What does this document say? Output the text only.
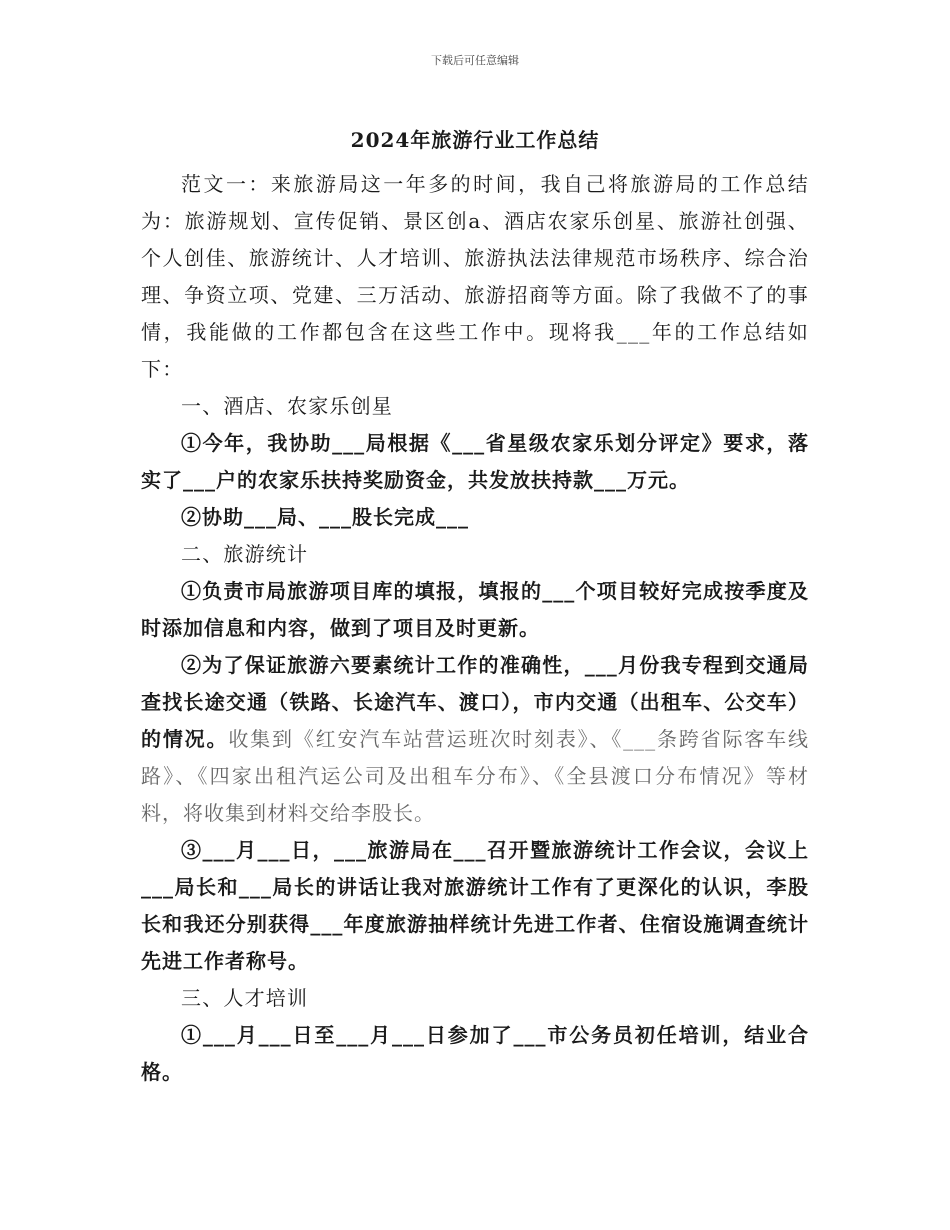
下载后可任意编辑
2024年旅游行业工作总结

范文一：来旅游局这一年多的时间，我自己将旅游局的工作总结为：旅游规划、宣传促销、景区创a、酒店农家乐创星、旅游社创强、个人创佳、旅游统计、人才培训、旅游执法法律规范市场秩序、综合治理、争资立项、党建、三万活动、旅游招商等方面。除了我做不了的事情，我能做的工作都包含在这些工作中。现将我___年的工作总结如下：

一、酒店、农家乐创星

①今年，我协助___局根据《___省星级农家乐划分评定》要求，落实了___户的农家乐扶持奖励资金，共发放扶持款___万元。

②协助___局、___股长完成___

二、旅游统计

①负责市局旅游项目库的填报，填报的___个项目较好完成按季度及时添加信息和内容，做到了项目及时更新。

②为了保证旅游六要素统计工作的准确性，___月份我专程到交通局查找长途交通（铁路、长途汽车、渡口），市内交通（出租车、公交车）的情况。收集到《红安汽车站营运班次时刻表》、《___条跨省际客车线路》、《四家出租汽运公司及出租车分布》、《全县渡口分布情况》等材料，将收集到材料交给李股长。

③___月___日，___旅游局在___召开暨旅游统计工作会议，会议上___局长和___局长的讲话让我对旅游统计工作有了更深化的认识，李股长和我还分别获得___年度旅游抽样统计先进工作者、住宿设施调查统计先进工作者称号。

三、人才培训

①___月___日至___月___日参加了___市公务员初任培训，结业合格。
